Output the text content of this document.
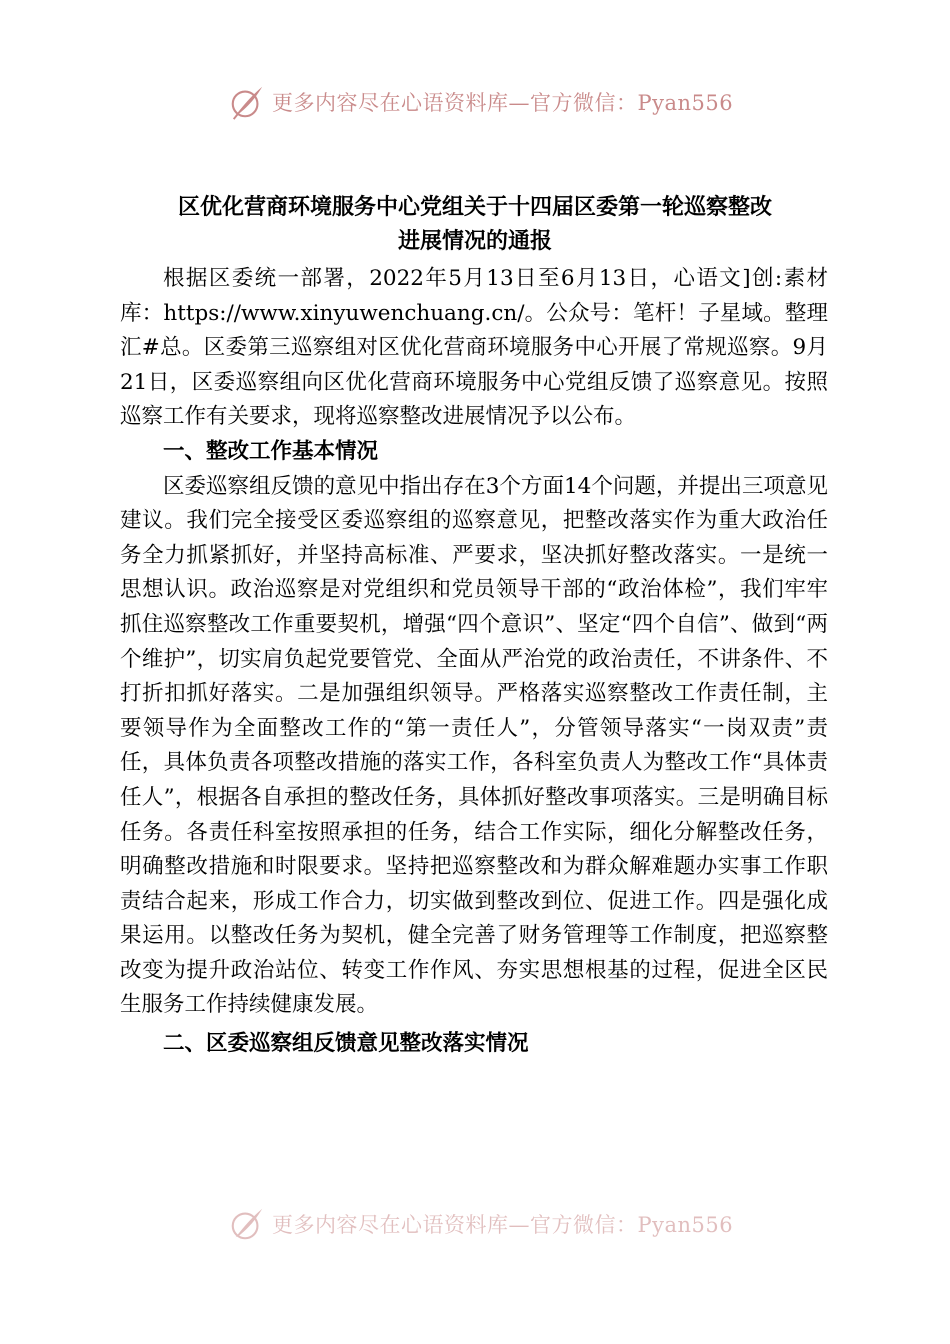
更多内容尽在心语资料库—官方微信：Pyan556
区优化营商环境服务中心党组关于十四届区委第一轮巡察整改
进展情况的通报

根据区委统一部署，2022年5月13日至6月13日，心语文]创:素材库：https://www.xinyuwenchuang.cn/。公众号：笔杆！子星域。整理汇#总。区委第三巡察组对区优化营商环境服务中心开展了常规巡察。9月21日，区委巡察组向区优化营商环境服务中心党组反馈了巡察意见。按照巡察工作有关要求，现将巡察整改进展情况予以公布。

一、整改工作基本情况

区委巡察组反馈的意见中指出存在3个方面14个问题，并提出三项意见建议。我们完全接受区委巡察组的巡察意见，把整改落实作为重大政治任务全力抓紧抓好，并坚持高标准、严要求，坚决抓好整改落实。一是统一思想认识。政治巡察是对党组织和党员领导干部的“政治体检”，我们牢牢抓住巡察整改工作重要契机，增强“四个意识”、坚定“四个自信”、做到“两个维护”，切实肩负起党要管党、全面从严治党的政治责任，不讲条件、不打折扣抓好落实。二是加强组织领导。严格落实巡察整改工作责任制，主要领导作为全面整改工作的“第一责任人”，分管领导落实“一岗双责”责任，具体负责各项整改措施的落实工作，各科室负责人为整改工作“具体责任人”，根据各自承担的整改任务，具体抓好整改事项落实。三是明确目标任务。各责任科室按照承担的任务，结合工作实际，细化分解整改任务，明确整改措施和时限要求。坚持把巡察整改和为群众解难题办实事工作职责结合起来，形成工作合力，切实做到整改到位、促进工作。四是强化成果运用。以整改任务为契机，健全完善了财务管理等工作制度，把巡察整改变为提升政治站位、转变工作作风、夯实思想根基的过程，促进全区民生服务工作持续健康发展。

二、区委巡察组反馈意见整改落实情况
更多内容尽在心语资料库—官方微信：Pyan556
